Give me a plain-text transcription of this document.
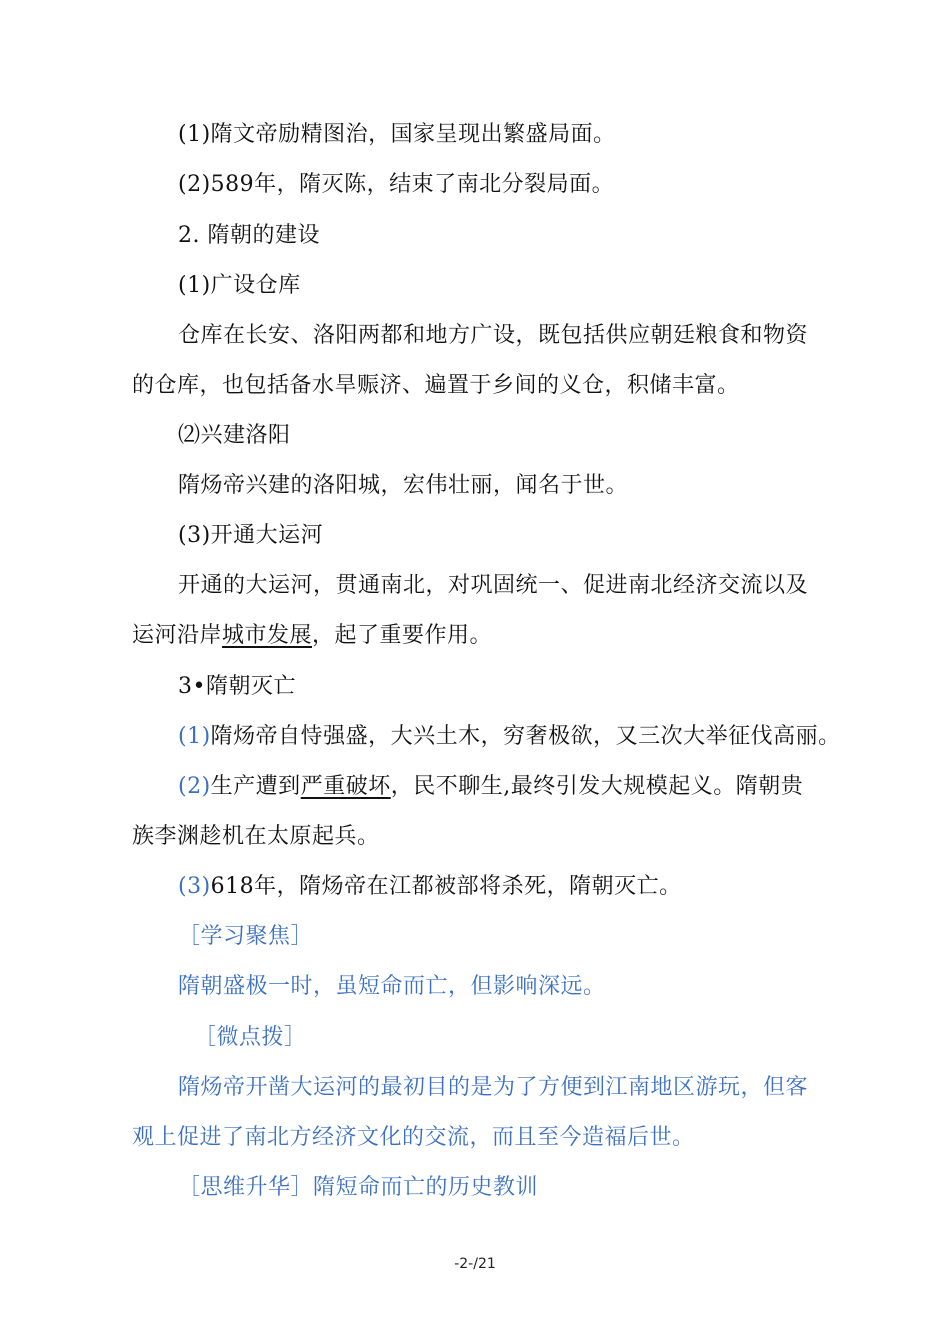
(1)隋文帝励精图治，国家呈现出繁盛局面。
(2)589年，隋灭陈，结束了南北分裂局面。
2. 隋朝的建设
(1)广设仓库
仓库在长安、洛阳两都和地方广设，既包括供应朝廷粮食和物资
的仓库，也包括备水旱赈济、遍置于乡间的义仓，积储丰富。
⑵兴建洛阳
隋炀帝兴建的洛阳城，宏伟壮丽，闻名于世。
(3)开通大运河
开通的大运河，贯通南北，对巩固统一、促进南北经济交流以及
运河沿岸城市发展，起了重要作用。
3•隋朝灭亡
(1)隋炀帝自恃强盛，大兴土木，穷奢极欲，又三次大举征伐高丽。
(2)生产遭到严重破坏，民不聊生,最终引发大规模起义。隋朝贵
族李渊趁机在太原起兵。
(3)618年，隋炀帝在江都被部将杀死，隋朝灭亡。
［学习聚焦］
隋朝盛极一时，虽短命而亡，但影响深远。
［微点拨］
隋炀帝开凿大运河的最初目的是为了方便到江南地区游玩，但客
观上促进了南北方经济文化的交流，而且至今造福后世。
［思维升华］隋短命而亡的历史教训
-2-/21
